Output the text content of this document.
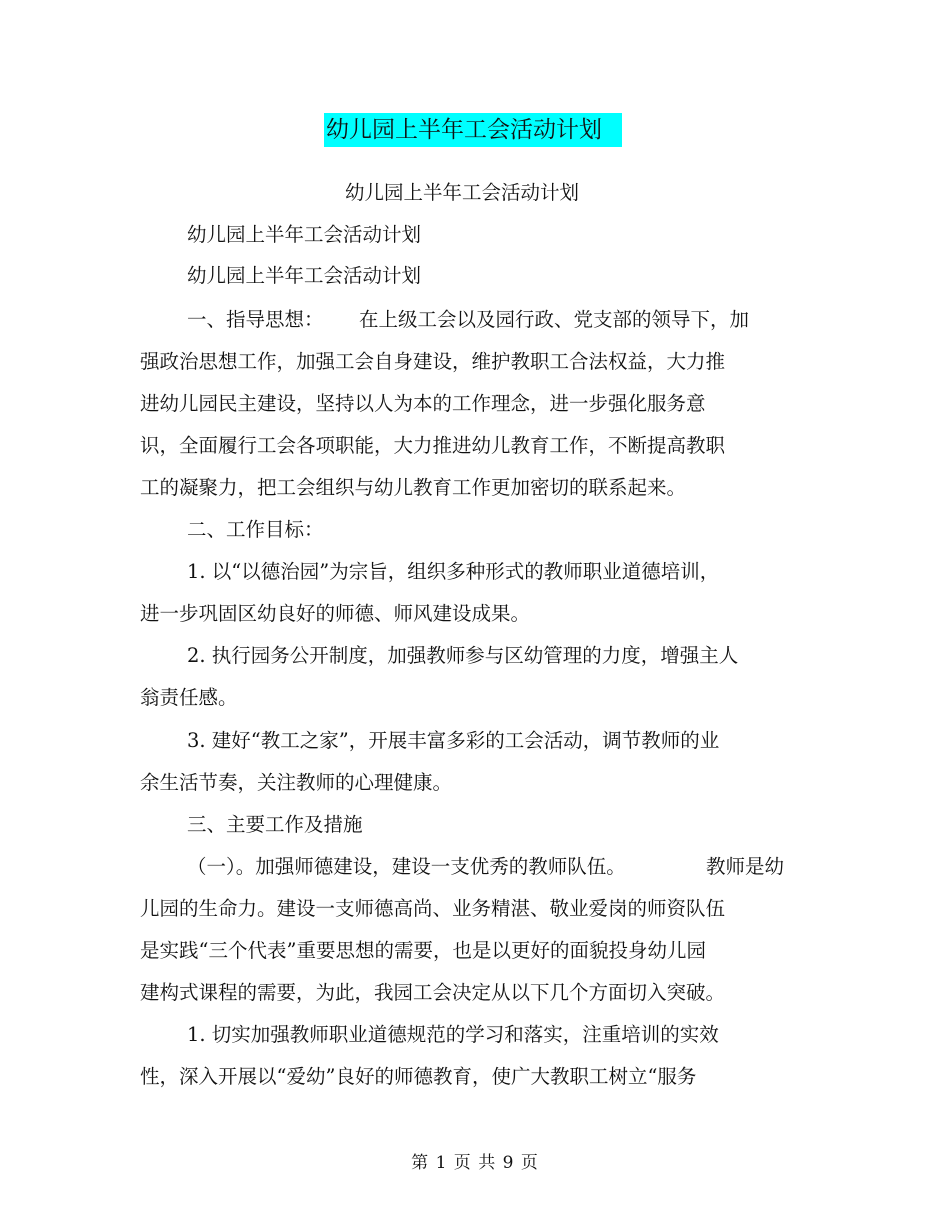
幼儿园上半年工会活动计划
幼儿园上半年工会活动计划
幼儿园上半年工会活动计划
幼儿园上半年工会活动计划
一、指导思想： 在上级工会以及园行政、党支部的领导下，加
强政治思想工作，加强工会自身建设，维护教职工合法权益，大力推
进幼儿园民主建设，坚持以人为本的工作理念，进一步强化服务意
识，全面履行工会各项职能，大力推进幼儿教育工作，不断提高教职
工的凝聚力，把工会组织与幼儿教育工作更加密切的联系起来。
二、工作目标：
1. 以“以德治园”为宗旨，组织多种形式的教师职业道德培训，
进一步巩固区幼良好的师德、师风建设成果。
2. 执行园务公开制度，加强教师参与区幼管理的力度，增强主人
翁责任感。
3. 建好“教工之家”，开展丰富多彩的工会活动，调节教师的业
余生活节奏，关注教师的心理健康。
三、主要工作及措施
（一）。加强师德建设，建设一支优秀的教师队伍。	教师是幼
儿园的生命力。建设一支师德高尚、业务精湛、敬业爱岗的师资队伍
是实践“三个代表”重要思想的需要，也是以更好的面貌投身幼儿园
建构式课程的需要，为此，我园工会决定从以下几个方面切入突破。
1. 切实加强教师职业道德规范的学习和落实，注重培训的实效
性，深入开展以“爱幼”良好的师德教育，使广大教职工树立“服务
第 1 页 共 9 页
